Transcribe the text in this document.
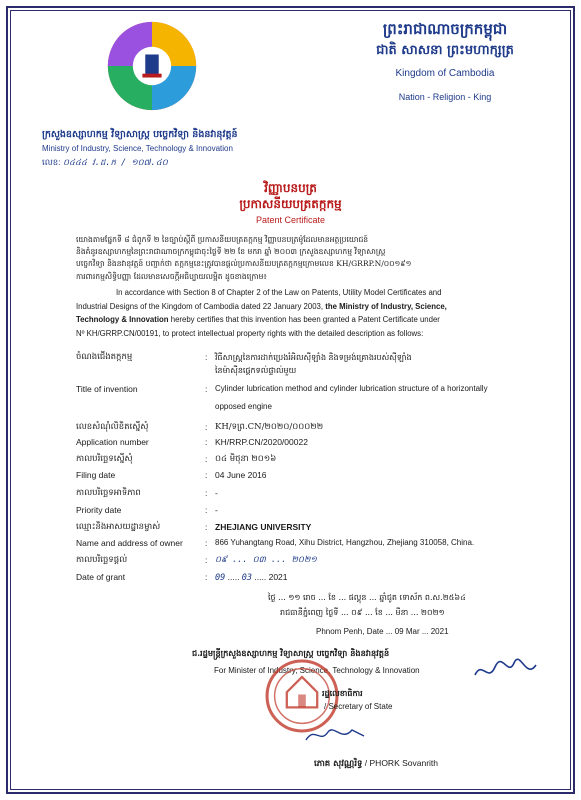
ព្រះរាជាណាចក្រកម្ពុជា
ជាតិ សាសនា ព្រះមហាក្សត្រ
Kingdom of Cambodia
Nation - Religion - King
ក្រសួងឧស្សាហកម្ម វិទ្យាសាស្ត្រ បច្ចេកវិទ្យា និងនវានុវត្តន៍
Ministry of Industry, Science, Technology & Innovation
លេខ: ០៤៤៤ វ.ដ.ក / ១០៧.៤០
វិញ្ញាបនបត្រ
ប្រកាសនីយបត្រតក្កកម្ម
Patent Certificate
យោងតាមផ្នែកទី ៨ ជំពូកទី ២ នៃច្បាប់ស្តីពី ប្រកាសនីយបត្រតក្កកម្ម វិញ្ញាបនបត្រម៉ូដែលមានអត្ថប្រយោជន៍
និងគំនូរឧស្សាហកម្មនៃព្រះរាជាណាចក្រកម្ពុជាចុះថ្ងៃទី ២២ ខែ មករា ឆ្នាំ ២០០៣ ក្រសួងឧស្សាហកម្ម វិទ្យាសាស្ត្រ
បច្ចេកវិទ្យា និងនវានុវត្តន៍ បញ្ជាក់ថា តក្កកម្មនេះត្រូវបានផ្តល់ប្រកាសនីយបត្រតក្កកម្មក្រោមលេខ KH/GRRP.N/០០១៩១
ការពារកម្មសិទ្ធិបញ្ញា ដែលមានសេចក្តីអធិប្បាយលម្អិត ដូចខាងក្រោម៖
In accordance with Section 8 of Chapter 2 of the Law on Patents, Utility Model Certificates and
Industrial Designs of the Kingdom of Cambodia dated 22 January 2003, the Ministry of Industry, Science,
Technology & Innovation hereby certifies that this invention has been granted a Patent Certificate under
Nº KH/GRRP.CN/00191, to protect intellectual property rights with the detailed description as follows:
ចំណងជើងតក្កកម្ម	: វិធីសាស្ត្រនៃការដាក់ប្រេងរំអិលស៊ីឡាំង និងទម្រង់គ្រោងរបស់ស៊ីឡាំង
នៃម៉ាស៊ីនផ្តេកទល់ផ្ទាល់មួយ
Title of invention	: Cylinder lubrication method and cylinder lubrication structure of a horizontally
opposed engine
លេខសំណុំលិខិតស្នើសុំ	: KH/ទព្រ.CN/២០២០/០០០២២
Application number	: KH/RRP.CN/2020/00022
កាលបរិច្ឆេទស្នើសុំ	: ០៤ មិថុនា ២០១៦
Filing date	: 04 June 2016
កាលបរិច្ឆេទអាទិភាព	: -
Priority date	: -
ឈ្មោះនិងអាសយដ្ឋានម្ចាស់	: ZHEJIANG UNIVERSITY
Name and address of owner	: 866 Yuhangtang Road, Xihu District, Hangzhou, Zhejiang 310058, China.
កាលបរិច្ឆេទផ្តល់	: ០៩ ... ០៣ ... ២០២១
Date of grant	: 09 ..... 03 ..... 2021
ថ្ងៃ ... ១១ រោច ... ខែ ... ផល្គុន ... ឆ្នាំជូត ទោស័ក ព.ស.២៥៦៤
រាជធានីភ្នំពេញ ថ្ងៃទី ... ០៩ ... ខែ ... មីនា ... ២០២១
Phnom Penh, Date ... 09 Mar ... 2021
ជ.រដ្ឋមន្ត្រីក្រសួងឧស្សាហកម្ម វិទ្យាសាស្ត្រ បច្ចេកវិទ្យា និងនវានុវត្តន៍
For Minister of Industry, Science, Technology & Innovation
រដ្ឋលេខាធិការ
/ Secretary of State
ភោគ សុវណ្ណរិទ្ធ / PHORK Sovanrith
